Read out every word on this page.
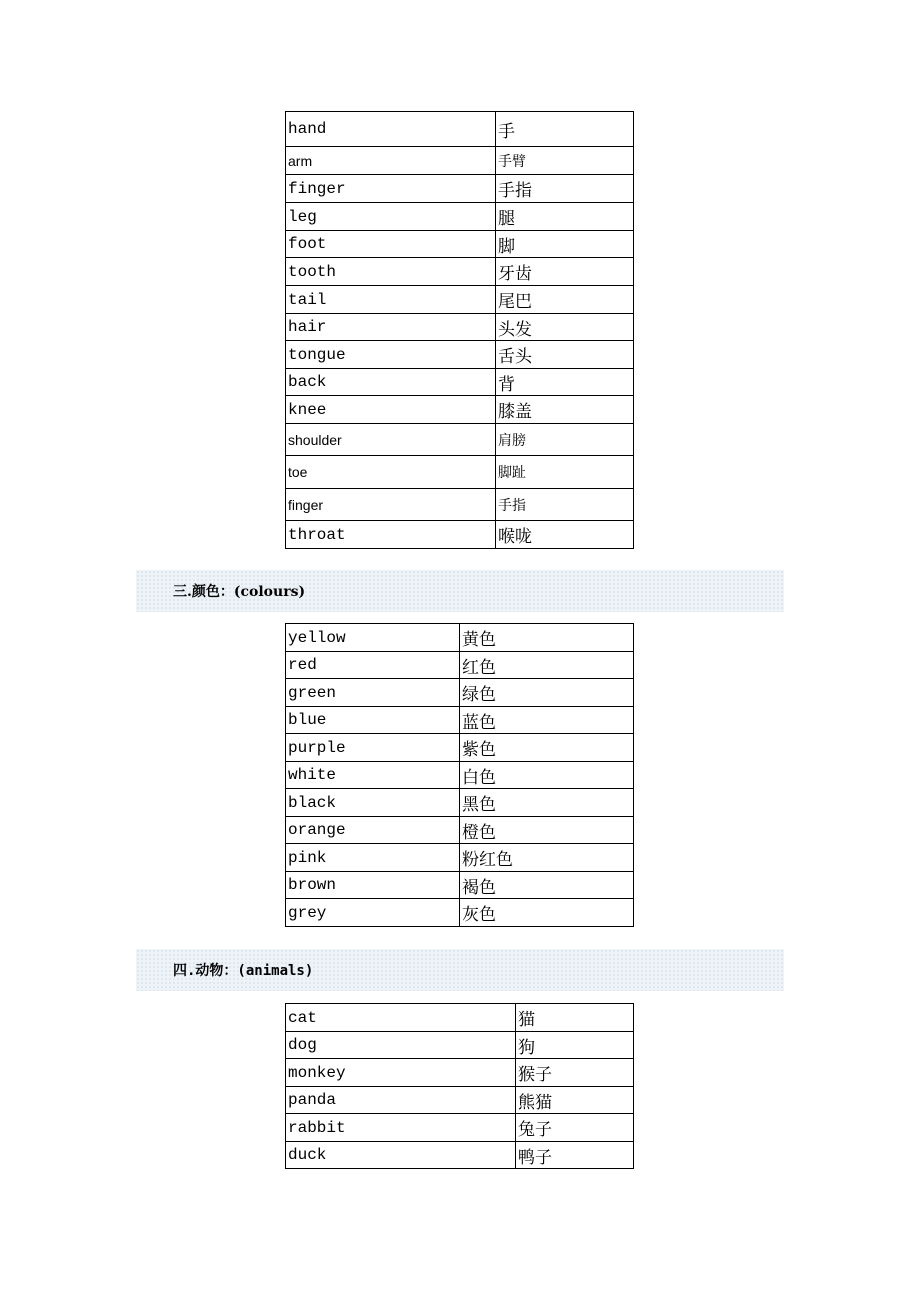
hand	手
arm	手臂
finger	手指
leg	腿
foot	脚
tooth	牙齿
tail	尾巴
hair	头发
tongue	舌头
back	背
knee	膝盖
shoulder	肩膀
toe	脚趾
finger	手指
throat	喉咙
三.颜色：(colours)
yellow	黄色
red	红色
green	绿色
blue	蓝色
purple	紫色
white	白色
black	黑色
orange	橙色
pink	粉红色
brown	褐色
grey	灰色
四.动物：(animals)
cat	猫
dog	狗
monkey	猴子
panda	熊猫
rabbit	兔子
duck	鸭子
